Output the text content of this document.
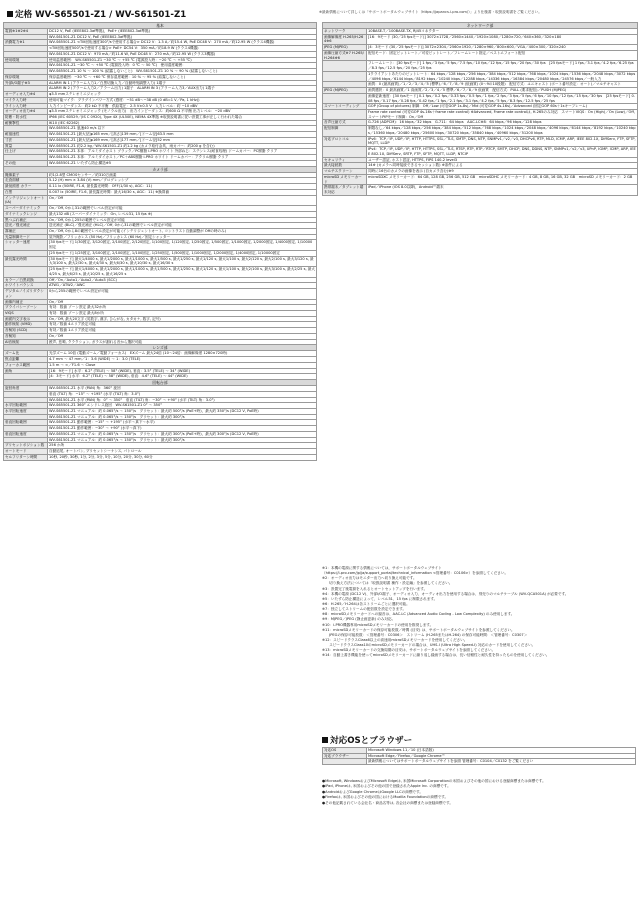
定格 WV-S65501-Z1 / WV-S61501-Z1	※最新情報について詳しくは「サポートポータルウェブサイト（https://japancs.i-pro.com/）」より仕様書・取扱説明書をご覧ください。
基本	
電源※1※2※4	DC12 V, PoE (IEEE802.3af準拠)，PoE+ (IEEE802.3at準拠)
	WV-S61501-Z1 DC12 V, PoE (IEEE802.3af準拠)
消費電力※1	WV-S65501-Z1 <Tilt回転速度300°/sで使用する場合> DC12 V：1.3 A／約15.4 W, PoE DC48 V：270 mA／約12.95 W (クラス4機器)
	<Tilt回転速度500°/sで使用する場合> PoE+ DC54 V：350 mA／約18.9 W (クラス4機器)
	WV-S61501-Z1 DC12 V：970 mA／約11.6 W, PoE DC48 V：270 mA／約12.95 W (クラス3機器)
使用環境	使用温度範囲： WV-S65501-Z1 −30 ℃ ～ +55 ℃ (電源投入時：−20 ℃ ～ +55 ℃)
	WV-S61501-Z1 −30 ℃ ～ +50 ℃ (電源投入時：0 ℃ ～ 50 ℃)　使用湿度範囲：
	WV-S65501-Z1 10 % ～ 100 % (結露しないこと)　WV-S61501-Z1 10 % ～ 90 % (結露しないこと)
保存環境	保存温度範囲：−30 ℃ ～ +60 ℃ 保存湿度範囲：10 % ～ 95 % (結露しないこと)
外部I/O端子※3	ALARM IN 1 (アラーム入力1／白黒切換入力／自動時刻調整入力) 1端子
	ALARM IN 2 (アラーム入力2／アラーム出力) 1端子　ALARM IN 3 (アラーム入力3／AUX出力) 1端子
オーディオ入力※4	φ3.5 mmステレオミニジャック
マイク入力時	使用可能マイク：プラグインパワー方式 (感度：−51 dB〜−38 dB (0 dB=1 V／Pa, 1 kHz))
ライン入力時	入力インピーダンス：約2 kΩ 不平衡　供給電圧：2.5 V±0.5 V　入力レベル：約 −10 dBV
オーディオ出力※4	φ3.5 mmステレオミニジャック (モノラル出力)　出力インピーダンス：約600 Ω 不平衡 出力レベル：−20 dBV
防塵・防水性	IP66 (IEC 60529／JIS C 0920), Type 4X (UL50E), NEMA 4X準拠 ※取扱説明書に従い設置工事が正しく行われた場合
耐衝撃性	IK10 (IEC 62262)
	WV-S65501-Z1 風速40 m/s 以下
耐風速性	WV-S61501-Z1 [最大径]φ165 mm／[高さ]139 mm／[ドーム径]63.5 mm
寸法	WV-S65501-Z1 [最大径]φ169 mm／[高さ]177 mm／[ドーム径]52 mm
質量	WV-S65501-Z1 約2.2 kg／WV-S61501-Z1 約1.2 kg (カメラ取付金具，雨カバー：約200 g を含む)
仕上げ	WV-S65501-Z1 本体：アルミダイカスト ブラック／PC樹脂 i-PRO ホワイト 外部ねじ：ステンレス(耐食処理) ドームカバー：PC樹脂 クリア
	WV-S61501-Z1 本体：アルミダイカスト／PC＋ABS樹脂 i-PRO ホワイト ドームカバー：アクリル樹脂 クリア
その他	WV-S65501-Z1 いたずら防止構造※5
カメラ部	
撮像素子	約1/2.8型 CMOSセンサー／約310万画素
走査面積	5.12 (H) mm × 3.84 (V) mm／プログレッシブ
最低照度 カラー	0.11 lx (50IRE, F1.6, 最長露光時間：OFF(1/30 s), AGC：11)
白黒	0.007 lx (50IRE, F1.6, 最長露光時間：最大16/30 s, AGC：11) ※換算値
インテリジェントオート(iA)	On／Off
スーパーダイナミック	On／Off, 0から31の範囲でレベル設定が可能
ダイナミックレンジ	最大132 dB (スーパーダイナミック：On, レベル31, 15 fps ※)
黒つぶれ補正	On／Off, 0から255の範囲でレベル設定が可能
逆光／強光補正	逆光補正 (BLC)／強光補正 (HLC)／Off, 0から31の範囲でレベル設定が可能
霧補正	On／Off, 0から8の範囲でレベル設定が可能 (インテリジェントオート, コントラスト自動調整が Offの時のみ)
光量制御モード	屋外撮影／フリッカレス (50 Hz)／フリッカレス (60 Hz)／固定シャッター
シャッター速度	[30 fpsモード] 1/30固定, 3/120固定, 2/100固定, 2/120固定, 1/100固定, 1/120固定, 1/250固定, 1/500固定, 1/1000固定, 1/2000固定, 1/4000固定, 1/10000固定
	[25 fpsモード] 1/25固定, 3/100固定, 2/100固定, 1/100固定, 1/250固定, 1/500固定, 1/1000固定, 1/2000固定, 1/4000固定, 1/10000固定
最長露光時間	[30 fpsモード] 最大1/4000 s, 最大1/2000 s, 最大1/1000 s, 最大1/500 s, 最大1/250 s, 最大1/120 s, 最大1/100 s, 最大2/120 s, 最大2/100 s, 最大3/120 s, 最大3/100 s, 最大2/30 s, 最大4/30 s, 最大6/30 s, 最大10/30 s, 最大16/30 s
	[25 fpsモード] 最大1/4000 s, 最大1/2000 s, 最大1/1000 s, 最大1/500 s, 最大1/250 s, 最大1/120 s, 最大1/100 s, 最大2/100 s, 最大3/100 s, 最大2/25 s, 最大4/25 s, 最大6/25 s, 最大10/25 s, 最大16/25 s
カラー／白黒切換	Off／On／Auto1／Auto2／Auto3 (SCC)
ホワイトバランス	ATW1／ATW2／AWC
デジタルノイズリダクション	0から255の範囲でレベル設定が可能
画像内補正	On／Off
プライバシーゾーン	有効：数値 ゾーン設定 最大32か所
VIQS	有効：数値 ゾーン設定 最大8か所
画面内文字表示	On／Off, 最大20文字 (英数字, 漢字, ひらがな, カタカナ, 数字, 記号)
動作検知 (VMD)	有効／数値 4エリア設定可能
音検知 (SCD)	有効／数値 1エリア設定可能
音検知	On／Off
AI音検知	銃声, 悲鳴, クラクション, ガラスが割れる音から選択可能
レンズ部	
ズーム比	光学ズーム 10倍 (電動ズーム／電動フォーカス)　EXズーム 最大24倍 (10〜24倍：画像解像度 1280×720時)
焦点距離	4.7 mm ～ 47 mm／1：3.6 (WIDE) ～ 1：3.0 (TELE)
フォーカス範囲	1.5 m ～ ∞／F1.6 ～ Close
画角	[16：9モード] 水平：6.2° (TELE) ～ 58° (WIDE), 垂直：3.5° (TELE) ～ 34° (WIDE)
	[4：3モード] 水平：6.2° (TELE) ～ 58° (WIDE), 垂直：4.6° (TELE) ～ 44° (WIDE)
回転台部	
旋回角度	WV-S65501-Z1 水平 (PAN) 角：360° 旋回
	垂直 (TILT) 角：−15° ～ +195° (水平 (TILT) 角：3.0°)
	WV-S61501-Z1 水平 (PAN) 角：0° ～ 350°　垂直 (TILT) 角：−30° ～ +90° (水平 (TILT) 角：3.0°)
水平回転範囲	WV-S65501-Z1 360° エンドレス旋回　WV-S61501-Z1 0° ～ 350°
水平回転速度	WV-S65501-Z1 マニュアル：約 0.065°/s ～ 150°/s　プリセット：最大約 500°/s (PoE+時)，最大約 350°/s (DC12 V, PoE時)
	WV-S61501-Z1 マニュアル：約 0.065°/s ～ 150°/s　プリセット：最大約 300°/s
垂直回転範囲	WV-S65501-Z1 動作範囲：−15° ～ +195° (水平～真下～水平)
	WV-S61501-Z1 動作範囲：−30° ～ +90° (水平～真下)
垂直回転速度	WV-S65501-Z1 マニュアル：約 0.065°/s ～ 150°/s　プリセット：最大約 300°/s (PoE+時)，最大約 300°/s (DC12 V, PoE時)
	WV-S61501-Z1 マニュアル：約 0.065°/s ～ 150°/s　プリセット：最大約 300°/s
プリセットポジション数	256 か所
オートモード	自動追尾, オートパン, プリセットシーケンス, パトロール
セルフリターン時間	10秒, 20秒, 30秒, 1分, 2分, 3分, 5分, 10分, 20分, 30分, 60分
ネットワーク部	
ネットワーク	10BASE-T／100BASE-TX, RJ45コネクター
画像解像度 H.265/H.264※6	[16：9モード (30／25 fpsモード)] 3072×1728／2560×1440／1920×1080／1280×720／640×360／320×180
JPEG (MJPEG)	[4：3モード (30／25 fpsモード)] 3072×2304／2560×1920／1280×960／800×600／VGA／400×300／320×240
画像圧縮方式※7 H.265/H.264※6	配信モード：固定ビットレート／可変ビットレート／フレームレート指定／ベストエフォート配信
	フレームレート：[30 fpsモード] 1 fps／3 fps／5 fps／7.5 fps／10 fps／12 fps／15 fps／20 fps／30 fps　[25 fpsモード] 1 fps／3.1 fps／4.2 fps／6.25 fps／8.3 fps／12.5 fps／20 fps／25 fps
	1クライアントあたりのビットレート：64 kbps／128 kbps／256 kbps／384 kbps／512 kbps／768 kbps／1024 kbps／1536 kbps／2048 kbps／3072 kbps／4096 kbps／6144 kbps／8192 kbps／10240 kbps／12288 kbps／14336 kbps／16384 kbps／20480 kbps／24576 kbps／一般入力
	画質：0 (最高画質)／1／2／3／4／5 (標準)／6／7／8／9 (低画質) (0〜9の10段階)　配信方式：ユニキャスト (ポート番号設定：オート)／マルチキャスト
JPEG (MJPEG)	画質選択：0 最高画質／1 高画質／2／3／4／5 標準／6／7／8／9 低画質　配信方式：PULL (要求配信)／PUSH (MJPEG)
	画像更新速度：[30 fpsモード] 0.1 fps／0.2 fps／0.33 fps／0.5 fps／1 fps／2 fps／3 fps／5 fps／6 fps／10 fps／12 fps／15 fps／30 fps　[25 fpsモード] 0.08 fps／0.17 fps／0.28 fps／0.42 fps／1 fps／2.1 fps／3.1 fps／4.2 fps／5 fps／8.3 fps／12.5 fps／25 fps
スマートコーディング	GOP (Group of pictures) 制御：Off／Low (可変GOP 1s-8s)／Mid (可変GOP 4s-16s)／Advanced (固定GOP 60s＋1sキーフレーム)
	Frame rate control (可変GOP 4s-16s＋frame rate control) ※Advanced, Frame rate controlは, H.265のみ対応　スマートVIQS：On (High)／On (Low)／Off, スマートPiPモード制御：On／Off
音声圧縮方式	G.726 (ADPCM)：16 kbps／32 kbps　G.711：64 kbps　AAC-LC※8：64 kbps／96 kbps／128 kbps
配信制御	制限なし／64 kbps／128 kbps／256 kbps／384 kbps／512 kbps／768 kbps／1024 kbps／2048 kbps／4096 kbps／6144 kbps／8192 kbps／10240 kbps／15360 kbps／20480 kbps／25600 kbps／30720 kbps／35840 kbps／40960 kbps／51200 kbps
対応プロトコル	IPv6：TCP／IP, UDP／IP, HTTP, HTTPS, SSL／TLS, SMTP, DNS, NTP, SNMPv1／v2／v3, DHCPv6, RTP, MLD, ICMP, ARP, IEEE 802.1X, DiffServ, FTP, SFTP, MQTT, LLDP
	IPv4：TCP／IP, UDP／IP, HTTP, HTTPS, SSL／TLS, RTSP, RTP, RTP／RTCP, SMTP, DHCP, DNS, DDNS, NTP, SNMPv1／v2／v3, UPnP, IGMP, ICMP, ARP, IEEE 802.1X, DiffServ, SRTP, FTP, SFTP, MQTT, LLDP, NTCIP
セキュリティ	ユーザー認証, ホスト認証, HTTPS, FIPS 140-2 level3
最大接続数	14※ (カメラへ同時接続できるセッション数) ※条件による
マルチスクリーン	同時に16台のカメラの画像を表示 (自カメラ含む)※9
microSD メモリーカード	microSDXC メモリーカード：64 GB, 128 GB, 256 GB, 512 GB　microSDHC メモリーカード：4 GB, 8 GB, 16 GB, 32 GB　microSD メモリーカード：2 GB
携帯端末／タブレット端末対応	iPad／iPhone (iOS 8.0以降)，Android™端末

※1：本機の電源に関する情報については，サポートポータルウェブサイト

（https://i-pro.com/jp/ja/support_portal/technical_information <管理番号：C0106>）を参照してください。

※2：オーディオ出力はモニター出力へ切り換え可能です。

　　切り換え方法については「取扱説明書 操作・設定編」を参照してください。

※3：設置完了後電源を入れるとオートセットアップを行います。

※4：本機の電源 (DC12 V)、外部I/O端子、オーディオ入力、オーディオ出力を使用する場合は、別売りのマルチケーブル (WV-QCA501A) が必要です。

※5：いたずら防止構造によって、レベル31、15 fps に制限されます。

※6：H.265／H.264は各ストリームごとに選択可能。

※7：独立してストリームの配信数を設定できます。

※8：microSDメモリーカードへの録音は、AAC-LC (Advanced Audio Coding - Low Complexity) のみ使用します。

※9：MJPEG／JPEG (静止画更新) のみ対応。

※10：i-PRO機器専用microSDメモリーカードの使用を推奨します。

※11：microSDメモリーカードの保存可能枚数／時間 (目安) は、サポートポータルウェブサイトを参照してください。

　　JPEGの保存可能枚数：＜管理番号：C0306＞　ストリーム (H.265またはH.264) の保存可能時間：＜管理番号：C0307＞

※12：スピードクラスClass6以上の高速用microSDメモリーカードを使用してください。

　　スピードクラスClass10のmicroSDメモリーカードの場合は、UHS-I (Ultra High Speed-I) 対応のカードを使用してください。

※13：microSDメモリーカードの交換周期の目安は、サポートポータルウェブサイトを参照してください。

※14：自動上書き機能を使ってmicroSDメモリーカードに繰り返し録画する場合は、長い信頼性と耐久性を持ったものを使用してください。

対応OSとブラウザー
対応OS	Microsoft Windows 11／10 (日本語版)
対応ブラウザー	Microsoft Edge／Firefox／Google Chrome™
	最新情報についてはサポートポータルウェブサイトを参照 管理番号：C0104／C0132 をご覧ください

●Microsoft, WindowsおよびMicrosoft Edgeは, 米国Microsoft Corporationの米国およびその他の国における登録商標または商標です。

●iPad, iPhoneは, 米国およびその他の国で登録されたApple Inc. の商標です。

●AndroidおよびGoogle ChromeはGoogle LLCの商標です。

●Firefoxは, 米国およびその他の国におけるMozilla Foundationの商標です。

●その他記載されている会社名・商品名等は, 各会社の商標または登録商標です。
